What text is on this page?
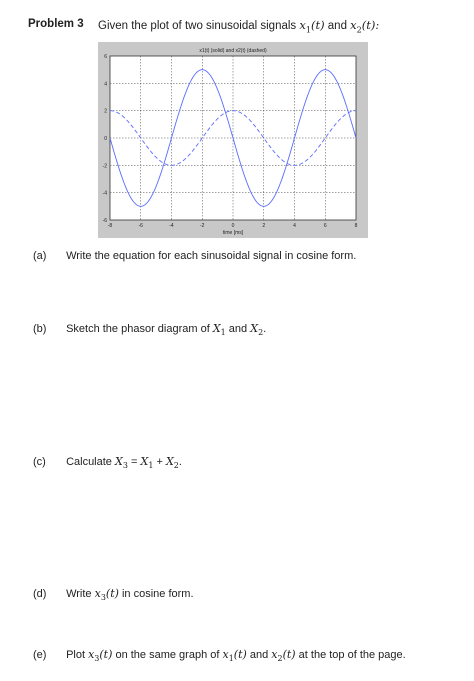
Problem 3 Given the plot of two sinusoidal signals $x_1(t)$ and $x_2(t)$:
-8	-6	-4	-2	0	2	4	6	8
6
4
2
0
-2
-4
-6
x1(t) (solid) and x2(t) (dashed)
time [ms]
(a) Write the equation for each sinusoidal signal in cosine form.
(b) Sketch the phasor diagram of $X_1$ and $X_2$.
(c) Calculate $X_3 = X_1 + X_2$.
(d) Write $x_3(t)$ in cosine form.
(e) Plot $x_3(t)$ on the same graph of $x_1(t)$ and $x_2(t)$ at the top of the page.
